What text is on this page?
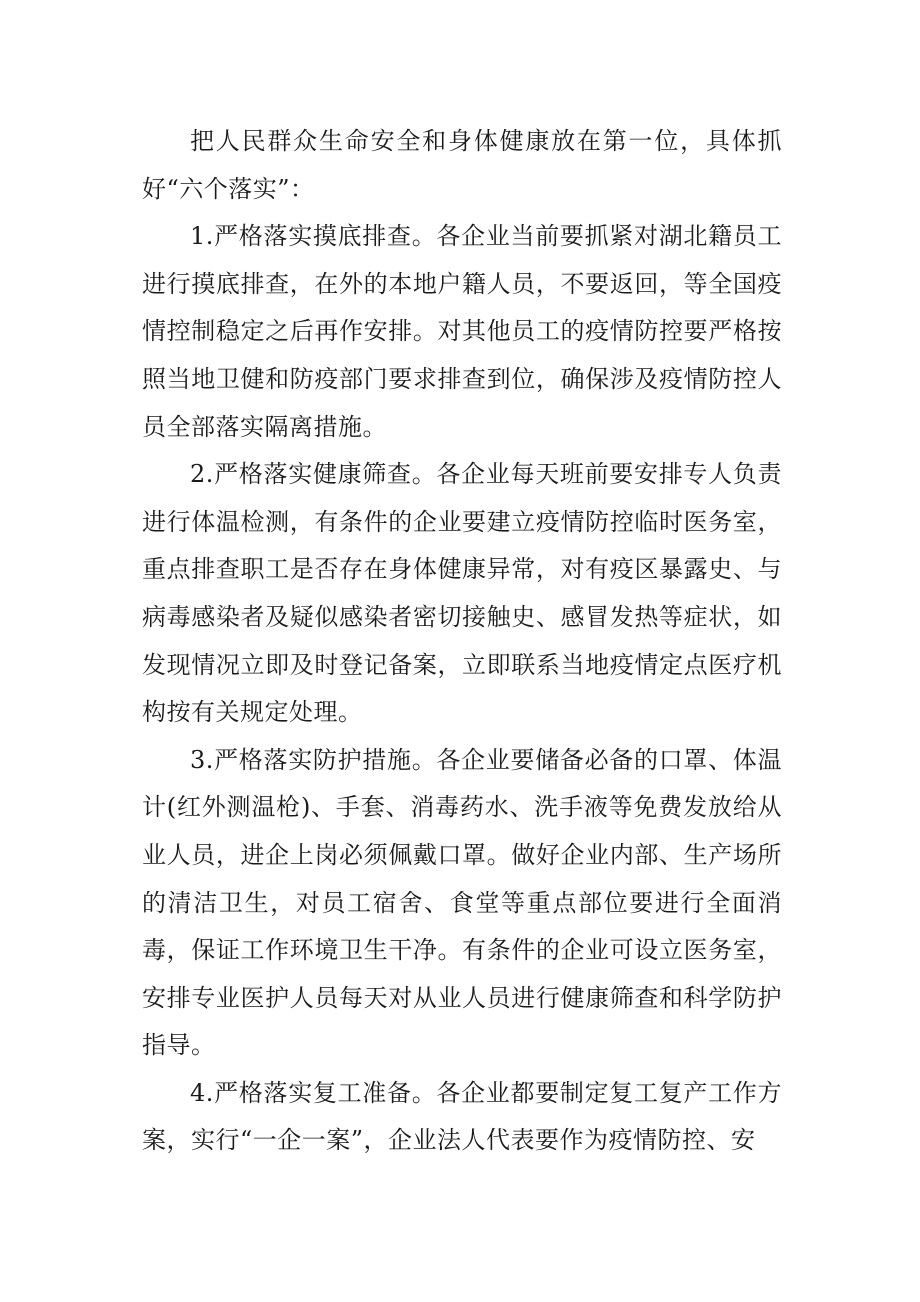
把人民群众生命安全和身体健康放在第一位，具体抓好“六个落实”：

1.严格落实摸底排查。各企业当前要抓紧对湖北籍员工进行摸底排查，在外的本地户籍人员，不要返回，等全国疫情控制稳定之后再作安排。对其他员工的疫情防控要严格按照当地卫健和防疫部门要求排查到位，确保涉及疫情防控人员全部落实隔离措施。

2.严格落实健康筛查。各企业每天班前要安排专人负责进行体温检测，有条件的企业要建立疫情防控临时医务室，重点排查职工是否存在身体健康异常，对有疫区暴露史、与病毒感染者及疑似感染者密切接触史、感冒发热等症状，如发现情况立即及时登记备案，立即联系当地疫情定点医疗机构按有关规定处理。

3.严格落实防护措施。各企业要储备必备的口罩、体温计(红外测温枪)、手套、消毒药水、洗手液等免费发放给从业人员，进企上岗必须佩戴口罩。做好企业内部、生产场所的清洁卫生，对员工宿舍、食堂等重点部位要进行全面消毒，保证工作环境卫生干净。有条件的企业可设立医务室，安排专业医护人员每天对从业人员进行健康筛查和科学防护指导。

4.严格落实复工准备。各企业都要制定复工复产工作方案，实行“一企一案”，企业法人代表要作为疫情防控、安
